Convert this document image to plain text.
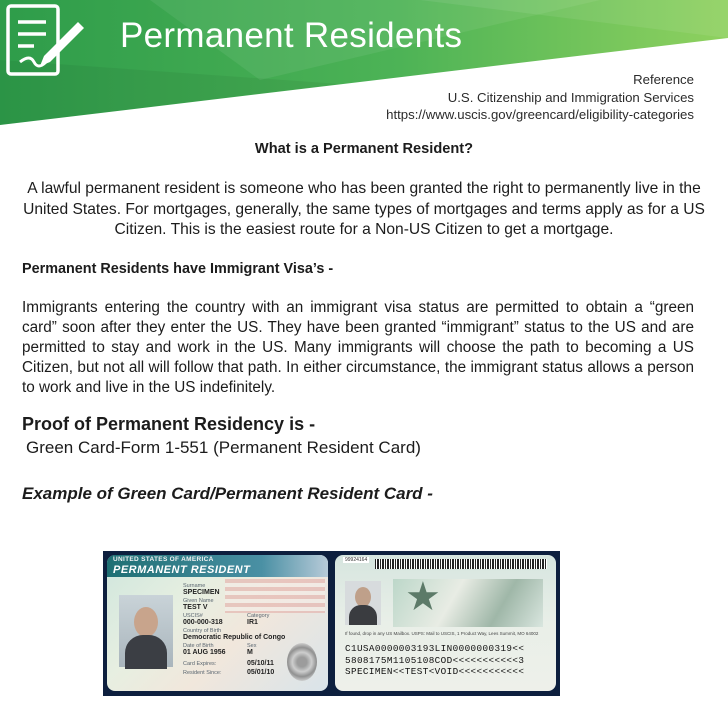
Permanent Residents
Reference
U.S. Citizenship and Immigration Services
https://www.uscis.gov/greencard/eligibility-categories
What is a Permanent Resident?
A lawful permanent resident is someone who has been granted the right to permanently live in the United States. For mortgages, generally, the same types of mortgages and terms apply as for a US Citizen. This is the easiest route for a Non-US Citizen to get a mortgage.
Permanent Residents have Immigrant Visa’s -
Immigrants entering the country with an immigrant visa status are permitted to obtain a “green card” soon after they enter the US. They have been granted “immigrant” status to the US and are permitted to stay and work in the US. Many immigrants will choose the path to becoming a US Citizen, but not all will follow that path. In either circumstance, the immigrant status allows a person to work and live in the US indefinitely.
Proof of Permanent Residency is -
Green Card-Form 1-551 (Permanent Resident Card)
Example of Green Card/Permanent Resident Card -
UNITED STATES OF AMERICA
PERMANENT RESIDENT
Surname
SPECIMEN
Given Name
TEST V
USCIS#
000-000-318
Category
IR1
Country of Birth
Democratic Republic of Congo
Date of Birth
01 AUG 1956
Sex
M
Card Expires:	05/10/11
Resident Since:	05/01/10
99924164
★
If found, drop in any US Mailbox. USPS: Mail to USCIS, 1 Product Way, Lees Summit, MO 64002
C1USA0000003193LIN0000000319<<
5808175M1105108COD<<<<<<<<<<<3
SPECIMEN<<TEST<VOID<<<<<<<<<<<
